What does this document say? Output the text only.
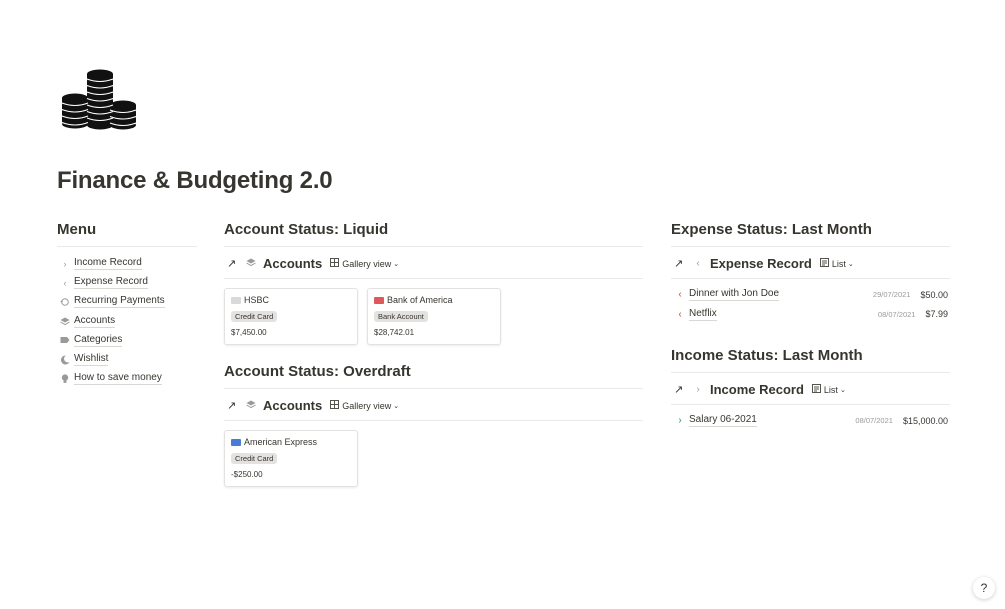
Finance & Budgeting 2.0
Menu
› Income Record
‹ Expense Record
Recurring Payments
Accounts
Categories
Wishlist
How to save money
Account Status: Liquid
↗	Accounts Gallery view ⌄
HSBC
Credit Card
$7,450.00
Bank of America
Bank Account
$28,742.01
Account Status: Overdraft
↗	Accounts Gallery view ⌄
American Express
Credit Card
-$250.00
Expense Status: Last Month
↗	‹ Expense Record List ⌄
‹ Dinner with Jon Doe	29/07/2021 $50.00
‹ Netflix	08/07/2021 $7.99
Income Status: Last Month
↗	› Income Record List ⌄
› Salary 06-2021	08/07/2021 $15,000.00
?
